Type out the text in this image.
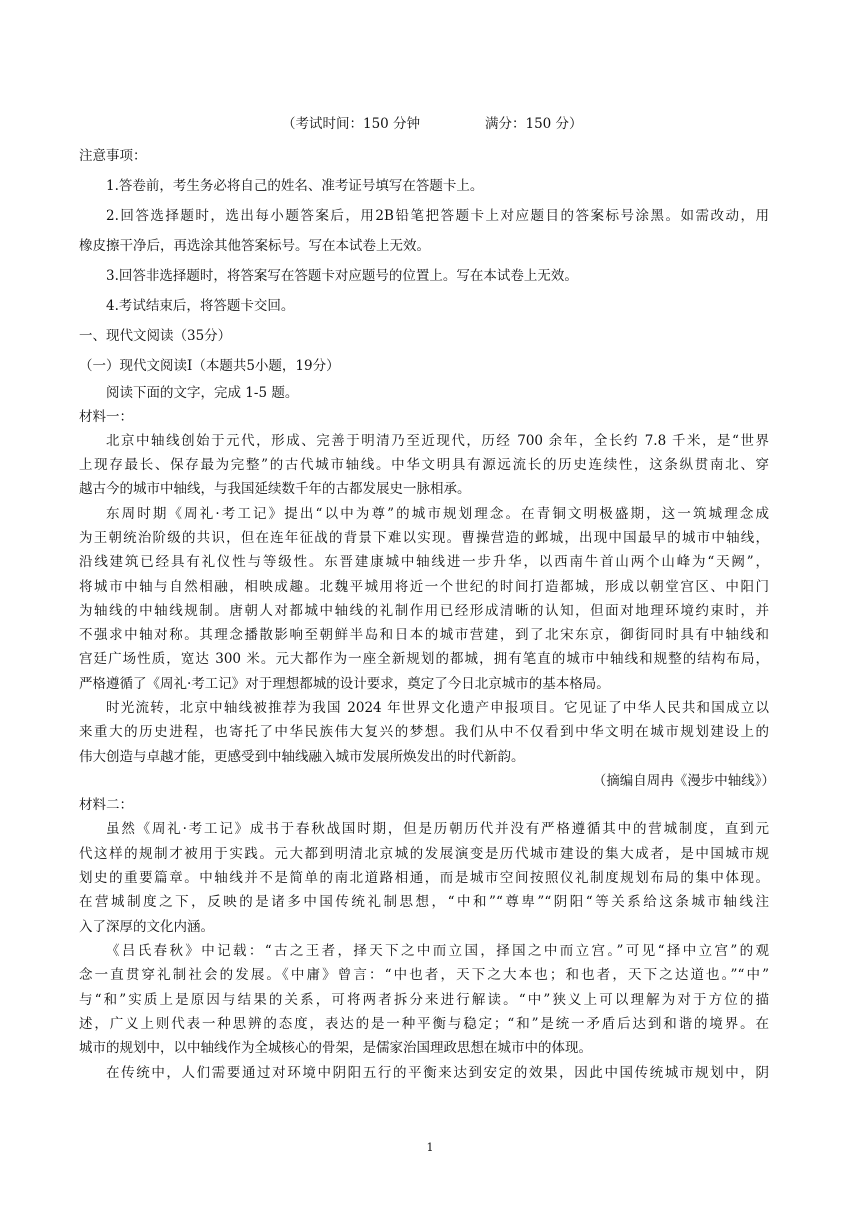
（考试时间：150 分钟	满分：150 分）
注意事项：
1.答卷前，考生务必将自己的姓名、准考证号填写在答题卡上。
2.回答选择题时，选出每小题答案后，用2B铅笔把答题卡上对应题目的答案标号涂黑。如需改动，用
橡皮擦干净后，再选涂其他答案标号。写在本试卷上无效。
3.回答非选择题时，将答案写在答题卡对应题号的位置上。写在本试卷上无效。
4.考试结束后，将答题卡交回。
一、现代文阅读（35分）
（一）现代文阅读Ⅰ（本题共5小题，19分）
阅读下面的文字，完成 1-5 题。
材料一：
北京中轴线创始于元代，形成、完善于明清乃至近现代，历经 700 余年，全长约 7.8 千米，是“世界
上现存最长、保存最为完整”的古代城市轴线。中华文明具有源远流长的历史连续性，这条纵贯南北、穿
越古今的城市中轴线，与我国延续数千年的古都发展史一脉相承。
东周时期《周礼·考工记》提出“以中为尊”的城市规划理念。在青铜文明极盛期，这一筑城理念成
为王朝统治阶级的共识，但在连年征战的背景下难以实现。曹操营造的邺城，出现中国最早的城市中轴线，
沿线建筑已经具有礼仪性与等级性。东晋建康城中轴线进一步升华，以西南牛首山两个山峰为“天阙”，
将城市中轴与自然相融，相映成趣。北魏平城用将近一个世纪的时间打造都城，形成以朝堂宫区、中阳门
为轴线的中轴线规制。唐朝人对都城中轴线的礼制作用已经形成清晰的认知，但面对地理环境约束时，并
不强求中轴对称。其理念播散影响至朝鲜半岛和日本的城市营建，到了北宋东京，御街同时具有中轴线和
宫廷广场性质，宽达 300 米。元大都作为一座全新规划的都城，拥有笔直的城市中轴线和规整的结构布局，
严格遵循了《周礼·考工记》对于理想都城的设计要求，奠定了今日北京城市的基本格局。
时光流转，北京中轴线被推荐为我国 2024 年世界文化遗产申报项目。它见证了中华人民共和国成立以
来重大的历史进程，也寄托了中华民族伟大复兴的梦想。我们从中不仅看到中华文明在城市规划建设上的
伟大创造与卓越才能，更感受到中轴线融入城市发展所焕发出的时代新韵。
（摘编自周冉《漫步中轴线》）
材料二：
虽然《周礼·考工记》成书于春秋战国时期，但是历朝历代并没有严格遵循其中的营城制度，直到元
代这样的规制才被用于实践。元大都到明清北京城的发展演变是历代城市建设的集大成者，是中国城市规
划史的重要篇章。中轴线并不是简单的南北道路相通，而是城市空间按照仪礼制度规划布局的集中体现。
在营城制度之下，反映的是诸多中国传统礼制思想，“中和”“尊卑”“阴阳“等关系给这条城市轴线注
入了深厚的文化内涵。
《吕氏春秋》中记载：“古之王者，择天下之中而立国，择国之中而立宫。”可见“择中立宫”的观
念一直贯穿礼制社会的发展。《中庸》曾言：“中也者，天下之大本也；和也者，天下之达道也。”“中”
与“和”实质上是原因与结果的关系，可将两者拆分来进行解读。“中”狭义上可以理解为对于方位的描
述，广义上则代表一种思辨的态度，表达的是一种平衡与稳定；“和”是统一矛盾后达到和谐的境界。在
城市的规划中，以中轴线作为全城核心的骨架，是儒家治国理政思想在城市中的体现。
在传统中，人们需要通过对环境中阴阳五行的平衡来达到安定的效果，因此中国传统城市规划中，阴
1
